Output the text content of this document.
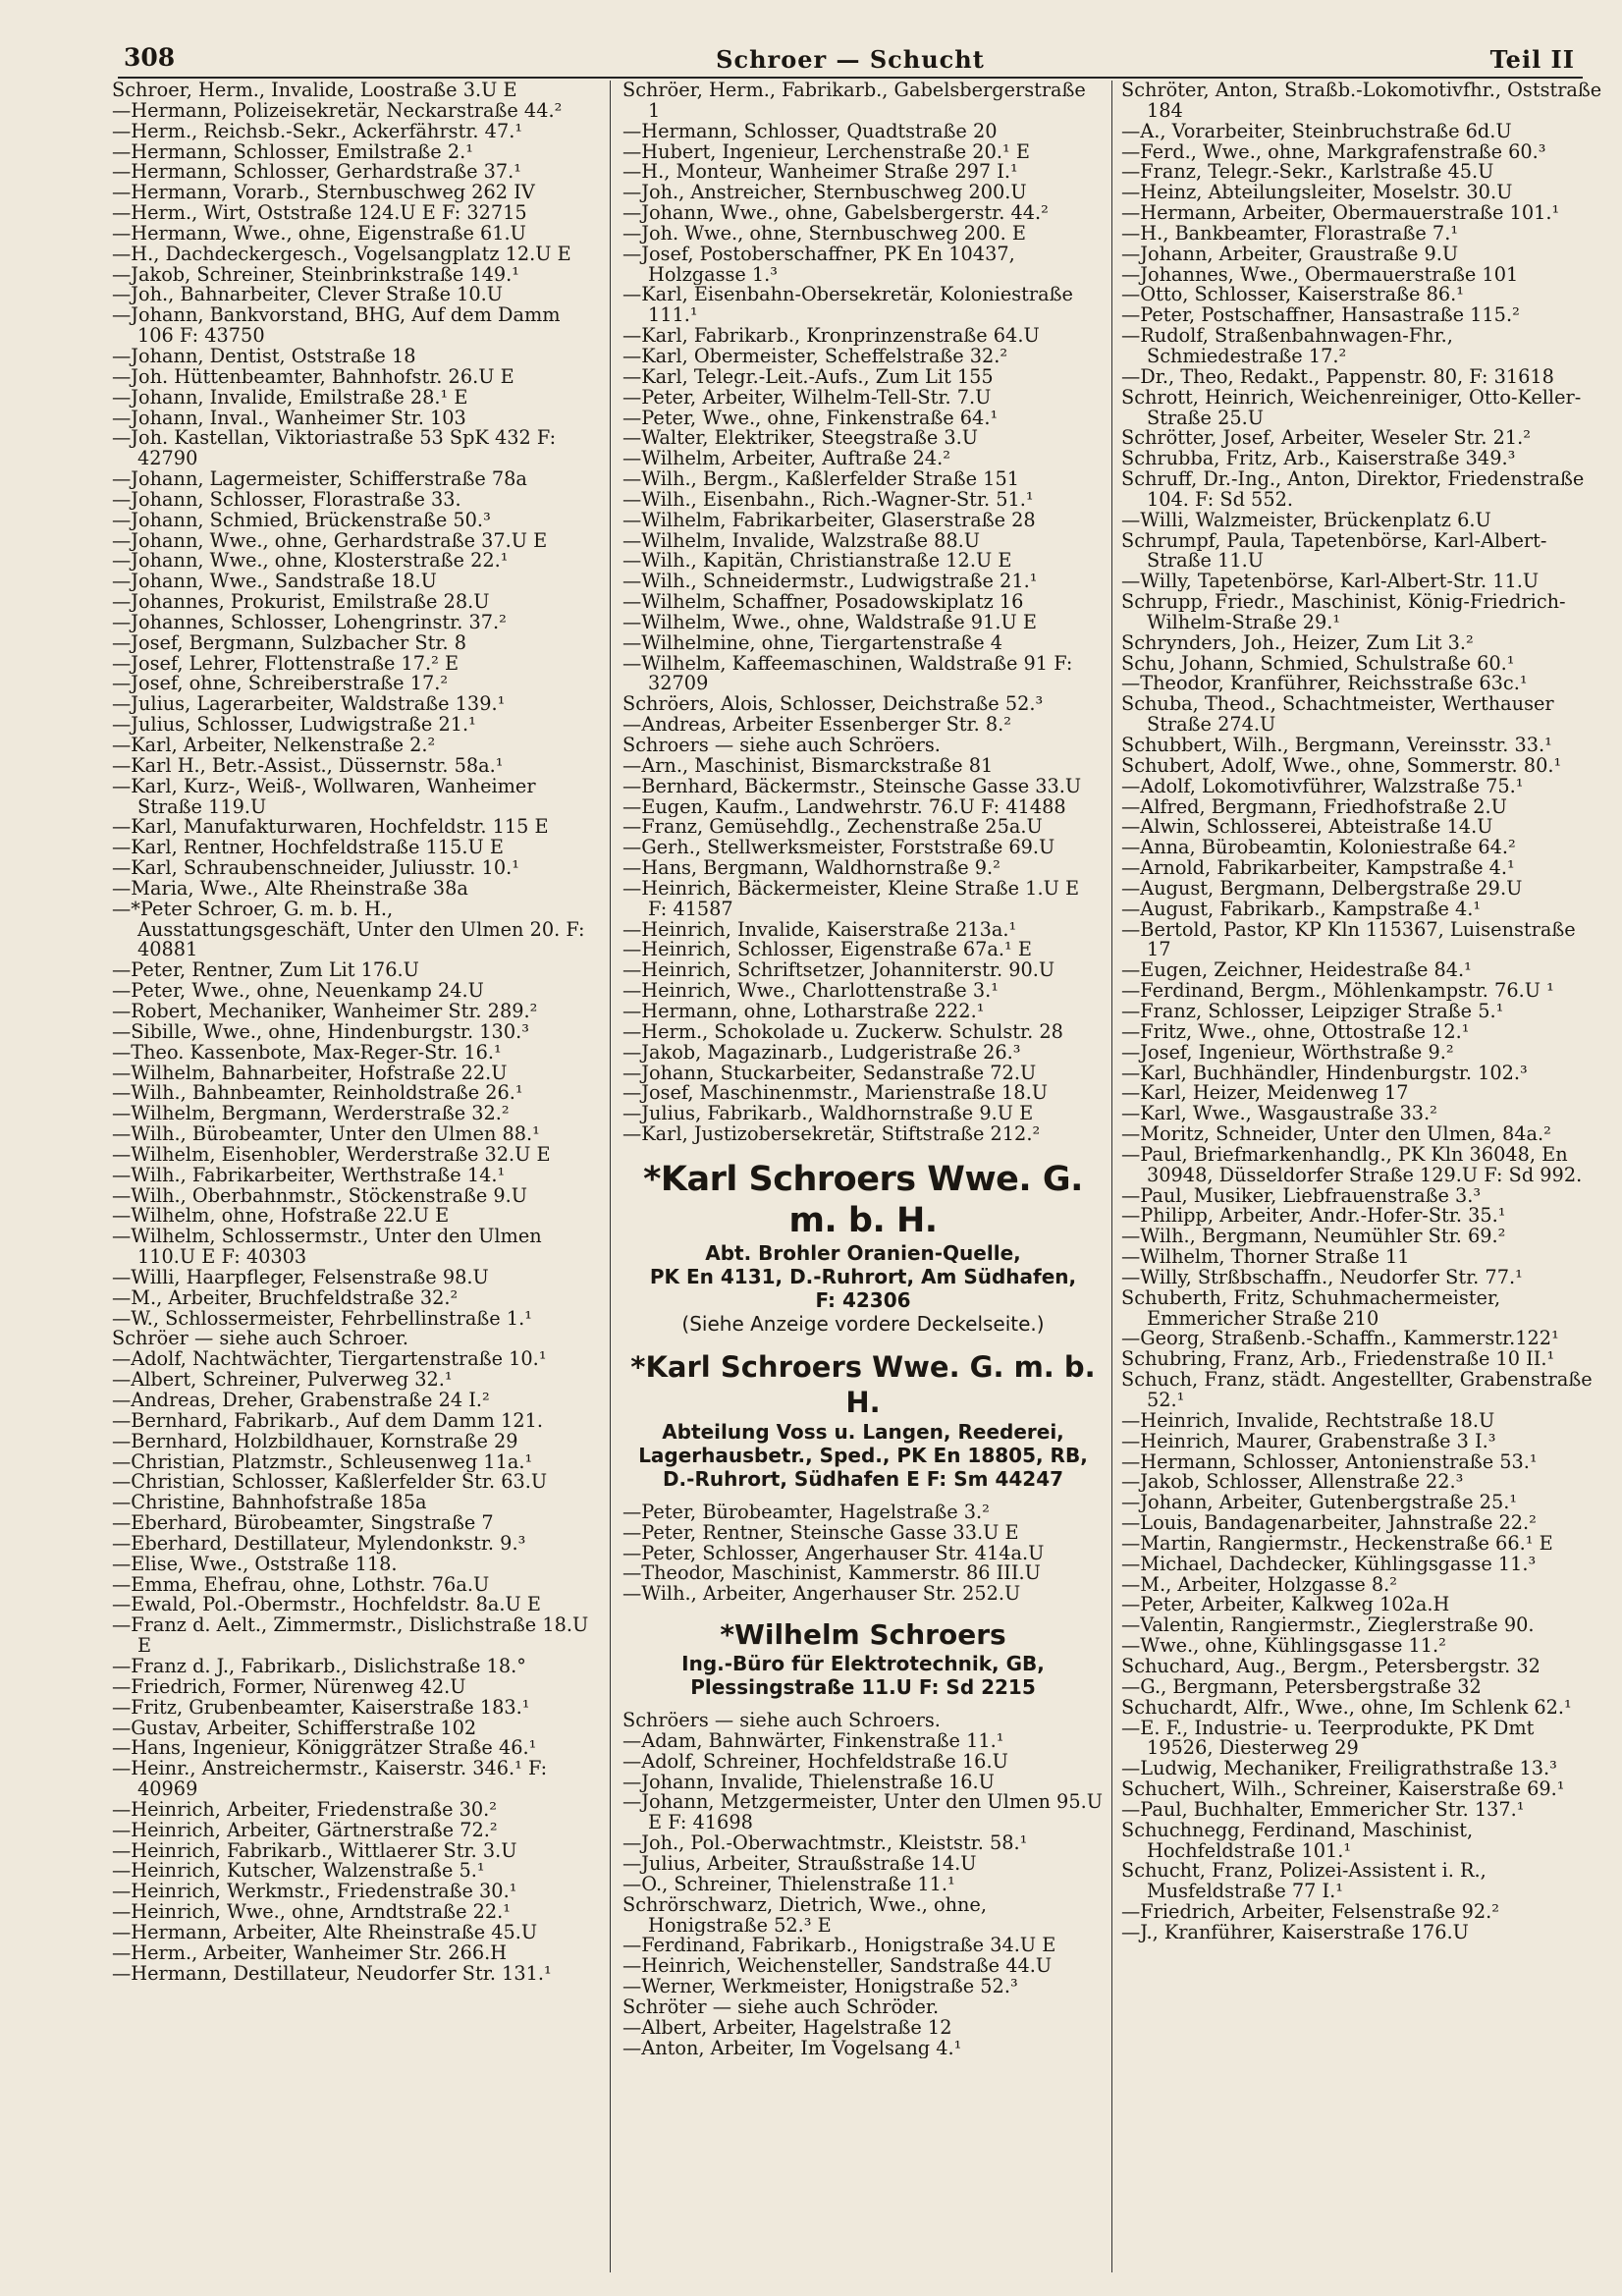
308	Schroer — Schucht	Teil II

Schroer, Herm., Invalide, Loostraße 3.U E

—Hermann, Polizeisekretär, Neckarstraße 44.²

—Herm., Reichsb.-Sekr., Ackerfährstr. 47.¹

—Hermann, Schlosser, Emilstraße 2.¹

—Hermann, Schlosser, Gerhardstraße 37.¹

—Hermann, Vorarb., Sternbuschweg 262 IV

—Herm., Wirt, Oststraße 124.U E F: 32715

—Hermann, Wwe., ohne, Eigenstraße 61.U

—H., Dachdeckergesch., Vogelsangplatz 12.U E

—Jakob, Schreiner, Steinbrinkstraße 149.¹

—Joh., Bahnarbeiter, Clever Straße 10.U

—Johann, Bankvorstand, BHG, Auf dem Damm 106 F: 43750

—Johann, Dentist, Oststraße 18

—Joh. Hüttenbeamter, Bahnhofstr. 26.U E

—Johann, Invalide, Emilstraße 28.¹ E

—Johann, Inval., Wanheimer Str. 103

—Joh. Kastellan, Viktoriastraße 53 SpK 432 F: 42790

—Johann, Lagermeister, Schifferstraße 78a

—Johann, Schlosser, Florastraße 33.

—Johann, Schmied, Brückenstraße 50.³

—Johann, Wwe., ohne, Gerhardstraße 37.U E

—Johann, Wwe., ohne, Klosterstraße 22.¹

—Johann, Wwe., Sandstraße 18.U

—Johannes, Prokurist, Emilstraße 28.U

—Johannes, Schlosser, Lohengrinstr. 37.²

—Josef, Bergmann, Sulzbacher Str. 8

—Josef, Lehrer, Flottenstraße 17.² E

—Josef, ohne, Schreiberstraße 17.²

—Julius, Lagerarbeiter, Waldstraße 139.¹

—Julius, Schlosser, Ludwigstraße 21.¹

—Karl, Arbeiter, Nelkenstraße 2.²

—Karl H., Betr.-Assist., Düssernstr. 58a.¹

—Karl, Kurz-, Weiß-, Wollwaren, Wanheimer Straße 119.U

—Karl, Manufakturwaren, Hochfeldstr. 115 E

—Karl, Rentner, Hochfeldstraße 115.U E

—Karl, Schraubenschneider, Juliusstr. 10.¹

—Maria, Wwe., Alte Rheinstraße 38a

—*Peter Schroer, G. m. b. H., Ausstattungsgeschäft, Unter den Ulmen 20. F: 40881

—Peter, Rentner, Zum Lit 176.U

—Peter, Wwe., ohne, Neuenkamp 24.U

—Robert, Mechaniker, Wanheimer Str. 289.²

—Sibille, Wwe., ohne, Hindenburgstr. 130.³

—Theo. Kassenbote, Max-Reger-Str. 16.¹

—Wilhelm, Bahnarbeiter, Hofstraße 22.U

—Wilh., Bahnbeamter, Reinholdstraße 26.¹

—Wilhelm, Bergmann, Werderstraße 32.²

—Wilh., Bürobeamter, Unter den Ulmen 88.¹

—Wilhelm, Eisenhobler, Werderstraße 32.U E

—Wilh., Fabrikarbeiter, Werthstraße 14.¹

—Wilh., Oberbahnmstr., Stöckenstraße 9.U

—Wilhelm, ohne, Hofstraße 22.U E

—Wilhelm, Schlossermstr., Unter den Ulmen 110.U E F: 40303

—Willi, Haarpfleger, Felsenstraße 98.U

—M., Arbeiter, Bruchfeldstraße 32.²

—W., Schlossermeister, Fehrbellinstraße 1.¹

Schröer — siehe auch Schroer.

—Adolf, Nachtwächter, Tiergartenstraße 10.¹

—Albert, Schreiner, Pulverweg 32.¹

—Andreas, Dreher, Grabenstraße 24 I.²

—Bernhard, Fabrikarb., Auf dem Damm 121.

—Bernhard, Holzbildhauer, Kornstraße 29

—Christian, Platzmstr., Schleusenweg 11a.¹

—Christian, Schlosser, Kaßlerfelder Str. 63.U

—Christine, Bahnhofstraße 185a

—Eberhard, Bürobeamter, Singstraße 7

—Eberhard, Destillateur, Mylendonkstr. 9.³

—Elise, Wwe., Oststraße 118.

—Emma, Ehefrau, ohne, Lothstr. 76a.U

—Ewald, Pol.-Obermstr., Hochfeldstr. 8a.U E

—Franz d. Aelt., Zimmermstr., Dislichstraße 18.U E

—Franz d. J., Fabrikarb., Dislichstraße 18.°

—Friedrich, Former, Nürenweg 42.U

—Fritz, Grubenbeamter, Kaiserstraße 183.¹

—Gustav, Arbeiter, Schifferstraße 102

—Hans, Ingenieur, Königgrätzer Straße 46.¹

—Heinr., Anstreichermstr., Kaiserstr. 346.¹ F: 40969

—Heinrich, Arbeiter, Friedenstraße 30.²

—Heinrich, Arbeiter, Gärtnerstraße 72.²

—Heinrich, Fabrikarb., Wittlaerer Str. 3.U

—Heinrich, Kutscher, Walzenstraße 5.¹

—Heinrich, Werkmstr., Friedenstraße 30.¹

—Heinrich, Wwe., ohne, Arndtstraße 22.¹

—Hermann, Arbeiter, Alte Rheinstraße 45.U

—Herm., Arbeiter, Wanheimer Str. 266.H

—Hermann, Destillateur, Neudorfer Str. 131.¹

Schröer, Herm., Fabrikarb., Gabelsbergerstraße 1

—Hermann, Schlosser, Quadtstraße 20

—Hubert, Ingenieur, Lerchenstraße 20.¹ E

—H., Monteur, Wanheimer Straße 297 I.¹

—Joh., Anstreicher, Sternbuschweg 200.U

—Johann, Wwe., ohne, Gabelsbergerstr. 44.²

—Joh. Wwe., ohne, Sternbuschweg 200. E

—Josef, Postoberschaffner, PK En 10437, Holzgasse 1.³

—Karl, Eisenbahn-Obersekretär, Koloniestraße 111.¹

—Karl, Fabrikarb., Kronprinzenstraße 64.U

—Karl, Obermeister, Scheffelstraße 32.²

—Karl, Telegr.-Leit.-Aufs., Zum Lit 155

—Peter, Arbeiter, Wilhelm-Tell-Str. 7.U

—Peter, Wwe., ohne, Finkenstraße 64.¹

—Walter, Elektriker, Steegstraße 3.U

—Wilhelm, Arbeiter, Auftraße 24.²

—Wilh., Bergm., Kaßlerfelder Straße 151

—Wilh., Eisenbahn., Rich.-Wagner-Str. 51.¹

—Wilhelm, Fabrikarbeiter, Glaserstraße 28

—Wilhelm, Invalide, Walzstraße 88.U

—Wilh., Kapitän, Christianstraße 12.U E

—Wilh., Schneidermstr., Ludwigstraße 21.¹

—Wilhelm, Schaffner, Posadowskiplatz 16

—Wilhelm, Wwe., ohne, Waldstraße 91.U E

—Wilhelmine, ohne, Tiergartenstraße 4

—Wilhelm, Kaffeemaschinen, Waldstraße 91 F: 32709

Schröers, Alois, Schlosser, Deichstraße 52.³

—Andreas, Arbeiter Essenberger Str. 8.²

Schroers — siehe auch Schröers.

—Arn., Maschinist, Bismarckstraße 81

—Bernhard, Bäckermstr., Steinsche Gasse 33.U

—Eugen, Kaufm., Landwehrstr. 76.U F: 41488

—Franz, Gemüsehdlg., Zechenstraße 25a.U

—Gerh., Stellwerksmeister, Forststraße 69.U

—Hans, Bergmann, Waldhornstraße 9.²

—Heinrich, Bäckermeister, Kleine Straße 1.U E F: 41587

—Heinrich, Invalide, Kaiserstraße 213a.¹

—Heinrich, Schlosser, Eigenstraße 67a.¹ E

—Heinrich, Schriftsetzer, Johanniterstr. 90.U

—Heinrich, Wwe., Charlottenstraße 3.¹

—Hermann, ohne, Lotharstraße 222.¹

—Herm., Schokolade u. Zuckerw. Schulstr. 28

—Jakob, Magazinarb., Ludgeristraße 26.³

—Johann, Stuckarbeiter, Sedanstraße 72.U

—Josef, Maschinenmstr., Marienstraße 18.U

—Julius, Fabrikarb., Waldhornstraße 9.U E

—Karl, Justizobersekretär, Stiftstraße 212.²

*Karl Schroers Wwe. G. m. b. H.
Abt. Brohler Oranien-Quelle,
PK En 4131, D.-Ruhrort, Am Südhafen,
F: 42306
(Siehe Anzeige vordere Deckelseite.)
*Karl Schroers Wwe. G. m. b. H.
Abteilung Voss u. Langen, Reederei, Lagerhausbetr., Sped., PK En 18805, RB, D.-Ruhrort, Südhafen E F: Sm 44247

—Peter, Bürobeamter, Hagelstraße 3.²

—Peter, Rentner, Steinsche Gasse 33.U E

—Peter, Schlosser, Angerhauser Str. 414a.U

—Theodor, Maschinist, Kammerstr. 86 III.U

—Wilh., Arbeiter, Angerhauser Str. 252.U

*Wilhelm Schroers
Ing.-Büro für Elektrotechnik, GB,
Plessingstraße 11.U F: Sd 2215

Schröers — siehe auch Schroers.

—Adam, Bahnwärter, Finkenstraße 11.¹

—Adolf, Schreiner, Hochfeldstraße 16.U

—Johann, Invalide, Thielenstraße 16.U

—Johann, Metzgermeister, Unter den Ulmen 95.U E F: 41698

—Joh., Pol.-Oberwachtmstr., Kleiststr. 58.¹

—Julius, Arbeiter, Straußstraße 14.U

—O., Schreiner, Thielenstraße 11.¹

Schrörschwarz, Dietrich, Wwe., ohne, Honigstraße 52.³ E

—Ferdinand, Fabrikarb., Honigstraße 34.U E

—Heinrich, Weichensteller, Sandstraße 44.U

—Werner, Werkmeister, Honigstraße 52.³

Schröter — siehe auch Schröder.

—Albert, Arbeiter, Hagelstraße 12

—Anton, Arbeiter, Im Vogelsang 4.¹

Schröter, Anton, Straßb.-Lokomotivfhr., Oststraße 184

—A., Vorarbeiter, Steinbruchstraße 6d.U

—Ferd., Wwe., ohne, Markgrafenstraße 60.³

—Franz, Telegr.-Sekr., Karlstraße 45.U

—Heinz, Abteilungsleiter, Moselstr. 30.U

—Hermann, Arbeiter, Obermauerstraße 101.¹

—H., Bankbeamter, Florastraße 7.¹

—Johann, Arbeiter, Graustraße 9.U

—Johannes, Wwe., Obermauerstraße 101

—Otto, Schlosser, Kaiserstraße 86.¹

—Peter, Postschaffner, Hansastraße 115.²

—Rudolf, Straßenbahnwagen-Fhr., Schmiedestraße 17.²

—Dr., Theo, Redakt., Pappenstr. 80, F: 31618

Schrott, Heinrich, Weichenreiniger, Otto-Keller-Straße 25.U

Schrötter, Josef, Arbeiter, Weseler Str. 21.²

Schrubba, Fritz, Arb., Kaiserstraße 349.³

Schruff, Dr.-Ing., Anton, Direktor, Friedenstraße 104. F: Sd 552.

—Willi, Walzmeister, Brückenplatz 6.U

Schrumpf, Paula, Tapetenbörse, Karl-Albert-Straße 11.U

—Willy, Tapetenbörse, Karl-Albert-Str. 11.U

Schrupp, Friedr., Maschinist, König-Friedrich-Wilhelm-Straße 29.¹

Schrynders, Joh., Heizer, Zum Lit 3.²

Schu, Johann, Schmied, Schulstraße 60.¹

—Theodor, Kranführer, Reichsstraße 63c.¹

Schuba, Theod., Schachtmeister, Werthauser Straße 274.U

Schubbert, Wilh., Bergmann, Vereinsstr. 33.¹

Schubert, Adolf, Wwe., ohne, Sommerstr. 80.¹

—Adolf, Lokomotivführer, Walzstraße 75.¹

—Alfred, Bergmann, Friedhofstraße 2.U

—Alwin, Schlosserei, Abteistraße 14.U

—Anna, Bürobeamtin, Koloniestraße 64.²

—Arnold, Fabrikarbeiter, Kampstraße 4.¹

—August, Bergmann, Delbergstraße 29.U

—August, Fabrikarb., Kampstraße 4.¹

—Bertold, Pastor, KP Kln 115367, Luisenstraße 17

—Eugen, Zeichner, Heidestraße 84.¹

—Ferdinand, Bergm., Möhlenkampstr. 76.U ¹

—Franz, Schlosser, Leipziger Straße 5.¹

—Fritz, Wwe., ohne, Ottostraße 12.¹

—Josef, Ingenieur, Wörthstraße 9.²

—Karl, Buchhändler, Hindenburgstr. 102.³

—Karl, Heizer, Meidenweg 17

—Karl, Wwe., Wasgaustraße 33.²

—Moritz, Schneider, Unter den Ulmen, 84a.²

—Paul, Briefmarkenhandlg., PK Kln 36048, En 30948, Düsseldorfer Straße 129.U F: Sd 992.

—Paul, Musiker, Liebfrauenstraße 3.³

—Philipp, Arbeiter, Andr.-Hofer-Str. 35.¹

—Wilh., Bergmann, Neumühler Str. 69.²

—Wilhelm, Thorner Straße 11

—Willy, Strßbschaffn., Neudorfer Str. 77.¹

Schuberth, Fritz, Schuhmachermeister, Emmericher Straße 210

—Georg, Straßenb.-Schaffn., Kammerstr.122¹

Schubring, Franz, Arb., Friedenstraße 10 II.¹

Schuch, Franz, städt. Angestellter, Grabenstraße 52.¹

—Heinrich, Invalide, Rechtstraße 18.U

—Heinrich, Maurer, Grabenstraße 3 I.³

—Hermann, Schlosser, Antonienstraße 53.¹

—Jakob, Schlosser, Allenstraße 22.³

—Johann, Arbeiter, Gutenbergstraße 25.¹

—Louis, Bandagenarbeiter, Jahnstraße 22.²

—Martin, Rangiermstr., Heckenstraße 66.¹ E

—Michael, Dachdecker, Kühlingsgasse 11.³

—M., Arbeiter, Holzgasse 8.²

—Peter, Arbeiter, Kalkweg 102a.H

—Valentin, Rangiermstr., Zieglerstraße 90.

—Wwe., ohne, Kühlingsgasse 11.²

Schuchard, Aug., Bergm., Petersbergstr. 32

—G., Bergmann, Petersbergstraße 32

Schuchardt, Alfr., Wwe., ohne, Im Schlenk 62.¹

—E. F., Industrie- u. Teerprodukte, PK Dmt 19526, Diesterweg 29

—Ludwig, Mechaniker, Freiligrathstraße 13.³

Schuchert, Wilh., Schreiner, Kaiserstraße 69.¹

—Paul, Buchhalter, Emmericher Str. 137.¹

Schuchnegg, Ferdinand, Maschinist, Hochfeldstraße 101.¹

Schucht, Franz, Polizei-Assistent i. R., Musfeldstraße 77 I.¹

—Friedrich, Arbeiter, Felsenstraße 92.²

—J., Kranführer, Kaiserstraße 176.U
